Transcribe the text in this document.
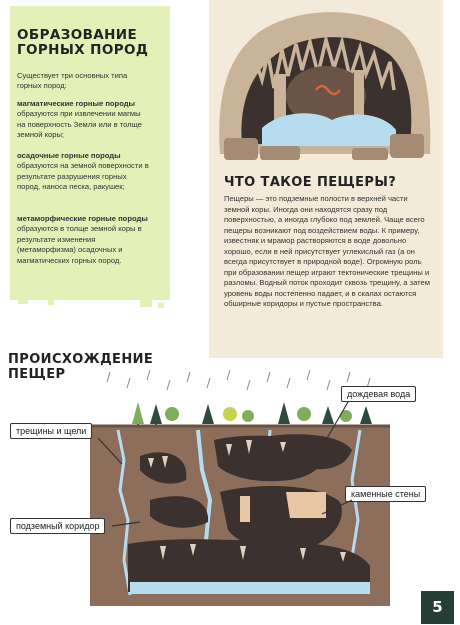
ОБРАЗОВАНИЕ ГОРНЫХ ПОРОД
Существует три основных типа горных пород:
магматические горные породы образуются при извлечении магмы на поверхность Земли или в толще земной коры;
осадочные горные породы образуются на земной поверхности в результате разрушения горных пород, наноса песка, ракушек;
метаморфические горные породы образуются в толще земной коры в результате изменения (метаморфизма) осадочных и магматических горных пород.
ЧТО ТАКОЕ ПЕЩЕРЫ?
Пещеры — это подземные полости в верхней части земной коры. Иногда они находятся сразу под поверхностью, а иногда глубоко под землей. Чаще всего пещеры возникают под воздействием воды. К примеру, известняк и мрамор растворяются в воде довольно хорошо, если в ней присутствует углекислый газ (а он всегда присутствует в природной воде). Огромную роль при образовании пещер играют тектонические трещины и разломы. Водный поток проходит сквозь трещину, а затем уровень воды постепенно падает, и в скалах остаются обширные коридоры и пустые пространства.
ПРОИСХОЖДЕНИЕ ПЕЩЕР
дождевая вода
трещины и щели
каменные стены
подземный коридор
5
